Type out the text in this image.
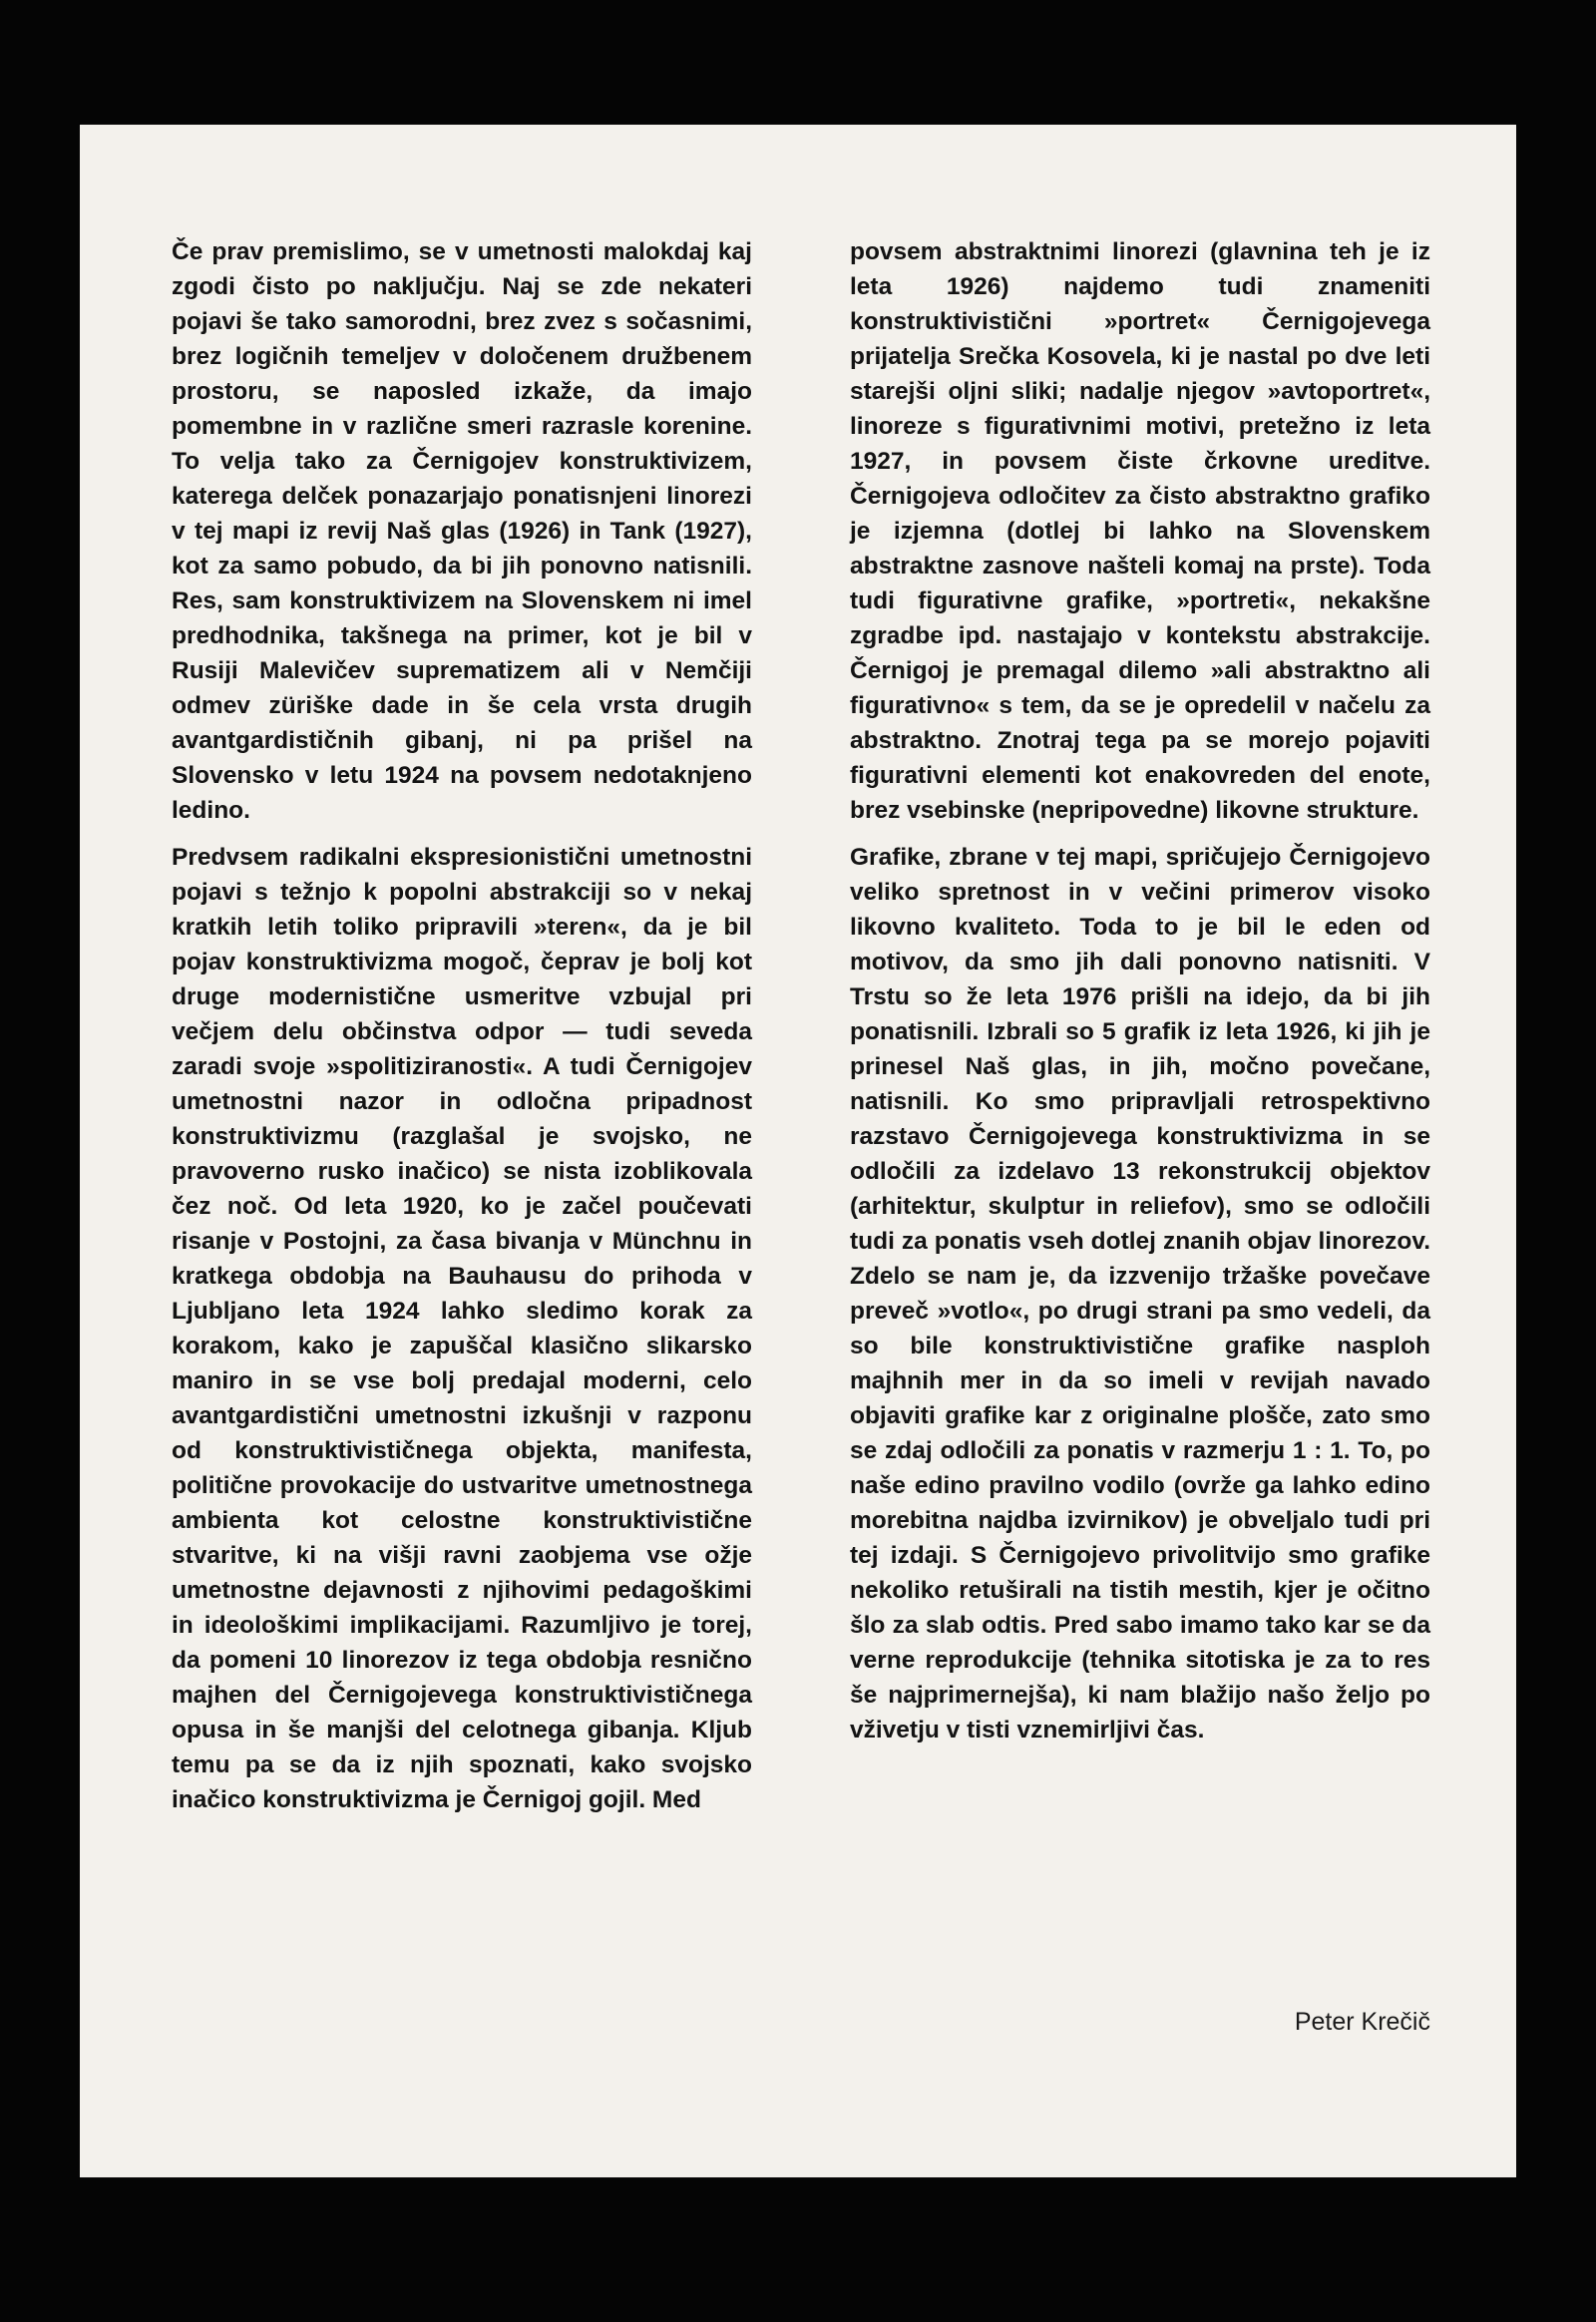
Če prav premislimo, se v umetnosti malokdaj kaj zgodi čisto po naključju. Naj se zde nekateri pojavi še tako samorodni, brez zvez s sočasnimi, brez logičnih temeljev v določenem družbenem prostoru, se naposled izkaže, da imajo pomembne in v različne smeri razrasle korenine. To velja tako za Černigojev konstruktivizem, katerega delček ponazarjajo ponatisnjeni linorezi v tej mapi iz revij Naš glas (1926) in Tank (1927), kot za samo pobudo, da bi jih ponovno natisnili. Res, sam konstruktivizem na Slovenskem ni imel predhodnika, takšnega na primer, kot je bil v Rusiji Malevičev suprematizem ali v Nemčiji odmev züriške dade in še cela vrsta drugih avantgardističnih gibanj, ni pa prišel na Slovensko v letu 1924 na povsem nedotaknjeno ledino.

Predvsem radikalni ekspresionistični umetnostni pojavi s težnjo k popolni abstrakciji so v nekaj kratkih letih toliko pripravili »teren«, da je bil pojav konstruktivizma mogoč, čeprav je bolj kot druge modernistične usmeritve vzbujal pri večjem delu občinstva odpor — tudi seveda zaradi svoje »spolitiziranosti«. A tudi Černigojev umetnostni nazor in odločna pripadnost konstruktivizmu (razglašal je svojsko, ne pravoverno rusko inačico) se nista izoblikovala čez noč. Od leta 1920, ko je začel poučevati risanje v Postojni, za časa bivanja v Münchnu in kratkega obdobja na Bauhausu do prihoda v Ljubljano leta 1924 lahko sledimo korak za korakom, kako je zapuščal klasično slikarsko maniro in se vse bolj predajal moderni, celo avantgardistični umetnostni izkušnji v razponu od konstruktivističnega objekta, manifesta, politične provokacije do ustvaritve umetnostnega ambienta kot celostne konstruktivistične stvaritve, ki na višji ravni zaobjema vse ožje umetnostne dejavnosti z njihovimi pedagoškimi in ideološkimi implikacijami. Razumljivo je torej, da pomeni 10 linorezov iz tega obdobja resnično majhen del Černigojevega konstruktivističnega opusa in še manjši del celotnega gibanja. Kljub temu pa se da iz njih spoznati, kako svojsko inačico konstruktivizma je Černigoj gojil. Med

povsem abstraktnimi linorezi (glavnina teh je iz leta 1926) najdemo tudi znameniti konstruktivistični »portret« Černigojevega prijatelja Srečka Kosovela, ki je nastal po dve leti starejši oljni sliki; nadalje njegov »avtoportret«, linoreze s figurativnimi motivi, pretežno iz leta 1927, in povsem čiste črkovne ureditve. Černigojeva odločitev za čisto abstraktno grafiko je izjemna (dotlej bi lahko na Slovenskem abstraktne zasnove našteli komaj na prste). Toda tudi figurativne grafike, »portreti«, nekakšne zgradbe ipd. nastajajo v kontekstu abstrakcije. Černigoj je premagal dilemo »ali abstraktno ali figurativno« s tem, da se je opredelil v načelu za abstraktno. Znotraj tega pa se morejo pojaviti figurativni elementi kot enakovreden del enote, brez vsebinske (nepripovedne) likovne strukture.

Grafike, zbrane v tej mapi, spričujejo Černigojevo veliko spretnost in v večini primerov visoko likovno kvaliteto. Toda to je bil le eden od motivov, da smo jih dali ponovno natisniti. V Trstu so že leta 1976 prišli na idejo, da bi jih ponatisnili. Izbrali so 5 grafik iz leta 1926, ki jih je prinesel Naš glas, in jih, močno povečane, natisnili. Ko smo pripravljali retrospektivno razstavo Černigojevega konstruktivizma in se odločili za izdelavo 13 rekonstrukcij objektov (arhitektur, skulptur in reliefov), smo se odločili tudi za ponatis vseh dotlej znanih objav linorezov. Zdelo se nam je, da izzvenijo tržaške povečave preveč »votlo«, po drugi strani pa smo vedeli, da so bile konstruktivistične grafike nasploh majhnih mer in da so imeli v revijah navado objaviti grafike kar z originalne plošče, zato smo se zdaj odločili za ponatis v razmerju 1 : 1. To, po naše edino pravilno vodilo (ovrže ga lahko edino morebitna najdba izvirnikov) je obveljalo tudi pri tej izdaji. S Černigojevo privolitvijo smo grafike nekoliko retuširali na tistih mestih, kjer je očitno šlo za slab odtis. Pred sabo imamo tako kar se da verne reprodukcije (tehnika sitotiska je za to res še najprimernejša), ki nam blažijo našo željo po vživetju v tisti vznemirljivi čas.

Peter Krečič
